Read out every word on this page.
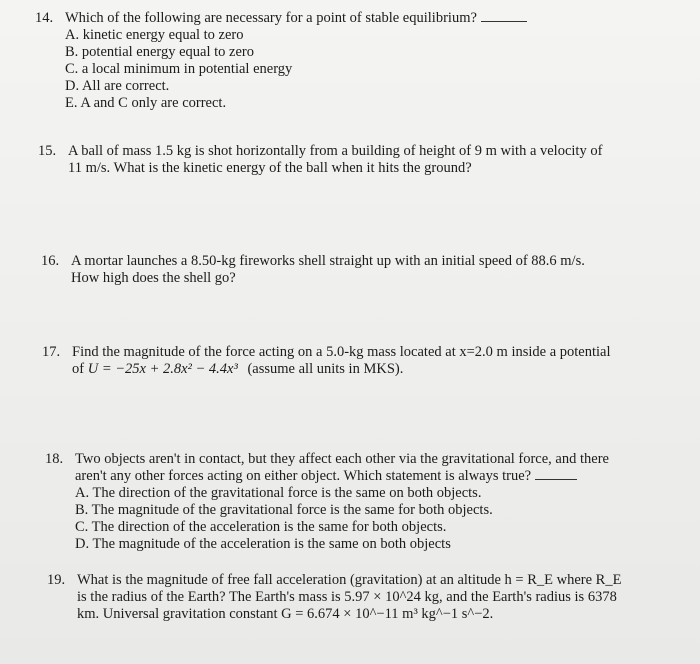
14. Which of the following are necessary for a point of stable equilibrium?
A. kinetic energy equal to zero
B. potential energy equal to zero
C. a local minimum in potential energy
D. All are correct.
E. A and C only are correct.
15. A ball of mass 1.5 kg is shot horizontally from a building of height of 9 m with a velocity of
11 m/s. What is the kinetic energy of the ball when it hits the ground?
16. A mortar launches a 8.50-kg fireworks shell straight up with an initial speed of 88.6 m/s.
How high does the shell go?
17. Find the magnitude of the force acting on a 5.0-kg mass located at x=2.0 m inside a potential
of U = −25x + 2.8x² − 4.4x³ (assume all units in MKS).
18. Two objects aren't in contact, but they affect each other via the gravitational force, and there
aren't any other forces acting on either object. Which statement is always true?
A. The direction of the gravitational force is the same on both objects.
B. The magnitude of the gravitational force is the same for both objects.
C. The direction of the acceleration is the same for both objects.
D. The magnitude of the acceleration is the same on both objects
19. What is the magnitude of free fall acceleration (gravitation) at an altitude h = R_E where R_E
is the radius of the Earth? The Earth's mass is 5.97 × 10^24 kg, and the Earth's radius is 6378
km. Universal gravitation constant G = 6.674 × 10^−11 m³ kg^−1 s^−2.
